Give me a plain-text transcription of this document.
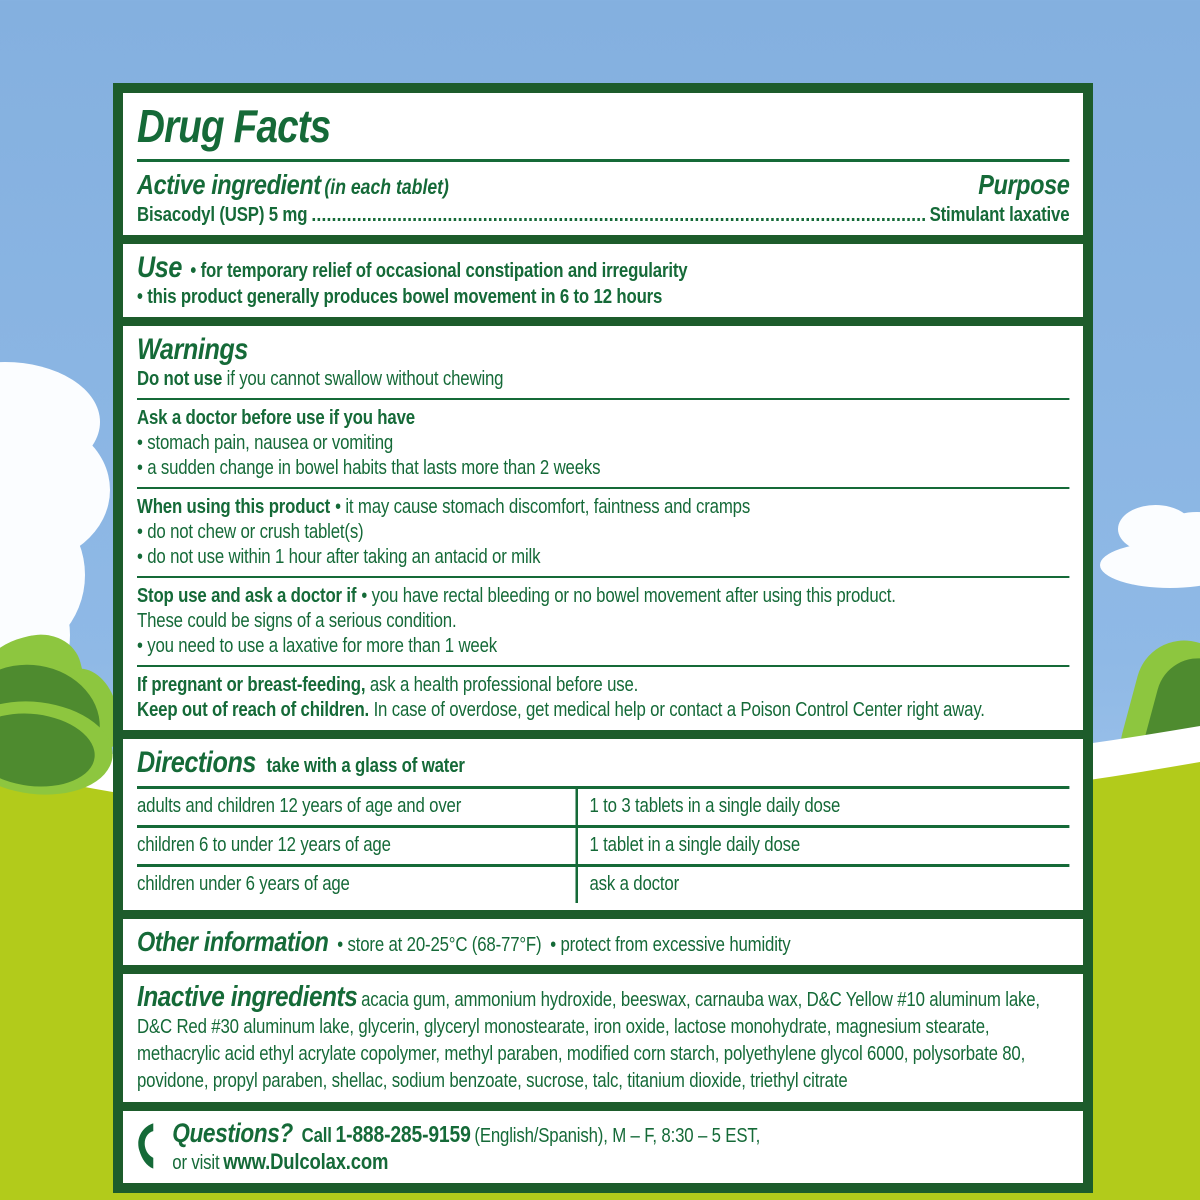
Drug Facts
Active ingredient (in each tablet)	Purpose
Bisacodyl (USP) 5 mg	Stimulant laxative
Use • for temporary relief of occasional constipation and irregularity
• this product generally produces bowel movement in 6 to 12 hours
Warnings
Do not use if you cannot swallow without chewing
Ask a doctor before use if you have
• stomach pain, nausea or vomiting
• a sudden change in bowel habits that lasts more than 2 weeks
When using this product • it may cause stomach discomfort, faintness and cramps
• do not chew or crush tablet(s)
• do not use within 1 hour after taking an antacid or milk
Stop use and ask a doctor if • you have rectal bleeding or no bowel movement after using this product.
These could be signs of a serious condition.
• you need to use a laxative for more than 1 week
If pregnant or breast-feeding, ask a health professional before use.
Keep out of reach of children. In case of overdose, get medical help or contact a Poison Control Center right away.
Directions take with a glass of water
adults and children 12 years of age and over	1 to 3 tablets in a single daily dose
children 6 to under 12 years of age	1 tablet in a single daily dose
children under 6 years of age	ask a doctor
Other information • store at 20-25°C (68-77°F) • protect from excessive humidity
Inactive ingredients acacia gum, ammonium hydroxide, beeswax, carnauba wax, D&C Yellow #10 aluminum lake, D&C Red #30 aluminum lake, glycerin, glyceryl monostearate, iron oxide, lactose monohydrate, magnesium stearate, methacrylic acid ethyl acrylate copolymer, methyl paraben, modified corn starch, polyethylene glycol 6000, polysorbate 80, povidone, propyl paraben, shellac, sodium benzoate, sucrose, talc, titanium dioxide, triethyl citrate
Questions? Call 1-888-285-9159 (English/Spanish), M – F, 8:30 – 5 EST,
or visit www.Dulcolax.com
